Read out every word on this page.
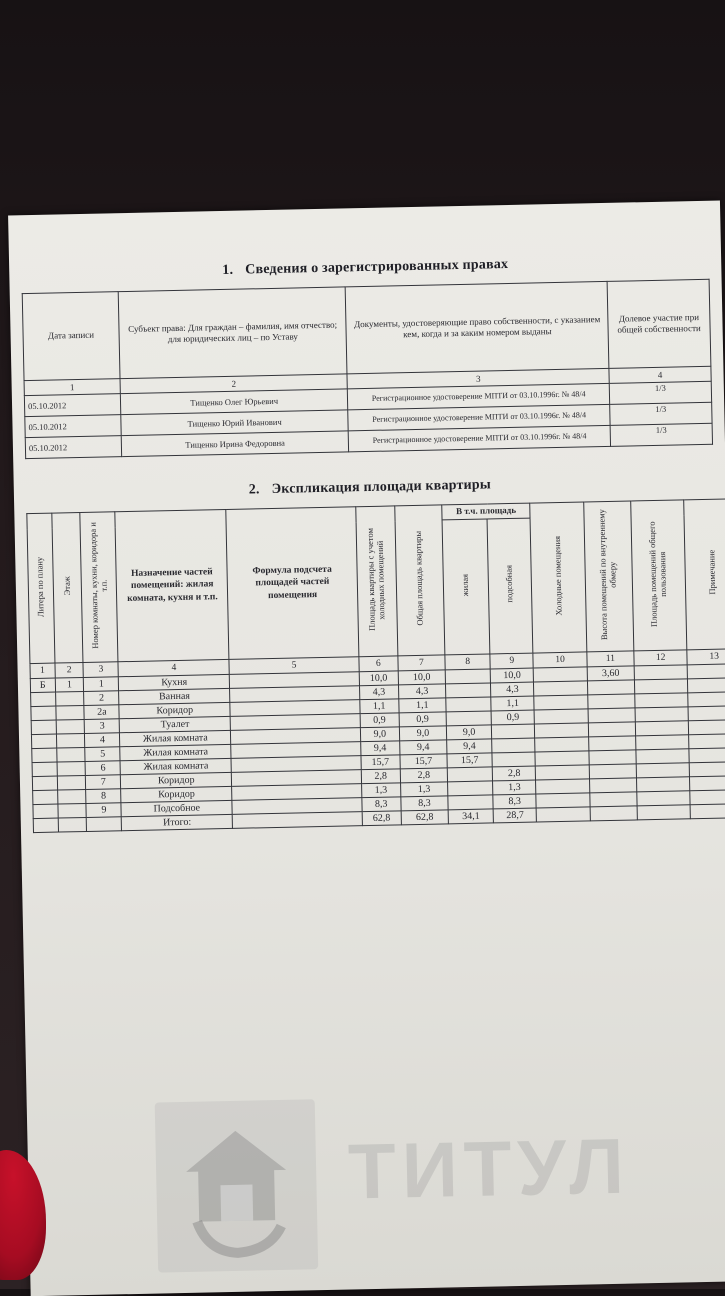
1. Сведения о зарегистрированных правах
Дата записи	Субъект права: Для граждан – фамилия, имя отчество; для юридических лиц – по Уставу	Документы, удостоверяющие право собственности, с указанием кем, когда и за каким номером выданы	Долевое участие при общей собственности
1	2	3	4
05.10.2012	Тищенко Олег Юрьевич	Регистрационное удостоверение МПТИ от 03.10.1996г. № 48/4	1/3
05.10.2012	Тищенко Юрий Иванович	Регистрационное удостоверение МПТИ от 03.10.1996г. № 48/4	1/3
05.10.2012	Тищенко Ирина Федоровна	Регистрационное удостоверение МПТИ от 03.10.1996г. № 48/4	1/3
2. Экспликация площади квартиры
Литера по плану	Этаж	Номер комнаты, кухни, коридора и т.п.	Назначение частей помещений: жилая комната, кухня и т.п.	Формула подсчета площадей частей помещения	Площадь квартиры с учетом холодных помещений	Общая площадь квартиры	В т.ч. площадь		Холодные помещения	Высота помещений по внутреннему обмеру	Площадь помещений общего пользования	Примечание
							жилая	подсобная				
1	2	3	4	5	6	7	8	9	10	11	12	13
Б	1	1	Кухня		10,0	10,0		10,0		3,60		
		2	Ванная		4,3	4,3		4,3				
		2а	Коридор		1,1	1,1		1,1				
		3	Туалет		0,9	0,9		0,9				
		4	Жилая комната		9,0	9,0	9,0					
		5	Жилая комната		9,4	9,4	9,4					
		6	Жилая комната		15,7	15,7	15,7					
		7	Коридор		2,8	2,8		2,8				
		8	Коридор		1,3	1,3		1,3				
		9	Подсобное		8,3	8,3		8,3				
			Итого:		62,8	62,8	34,1	28,7				
ТИТУЛ
